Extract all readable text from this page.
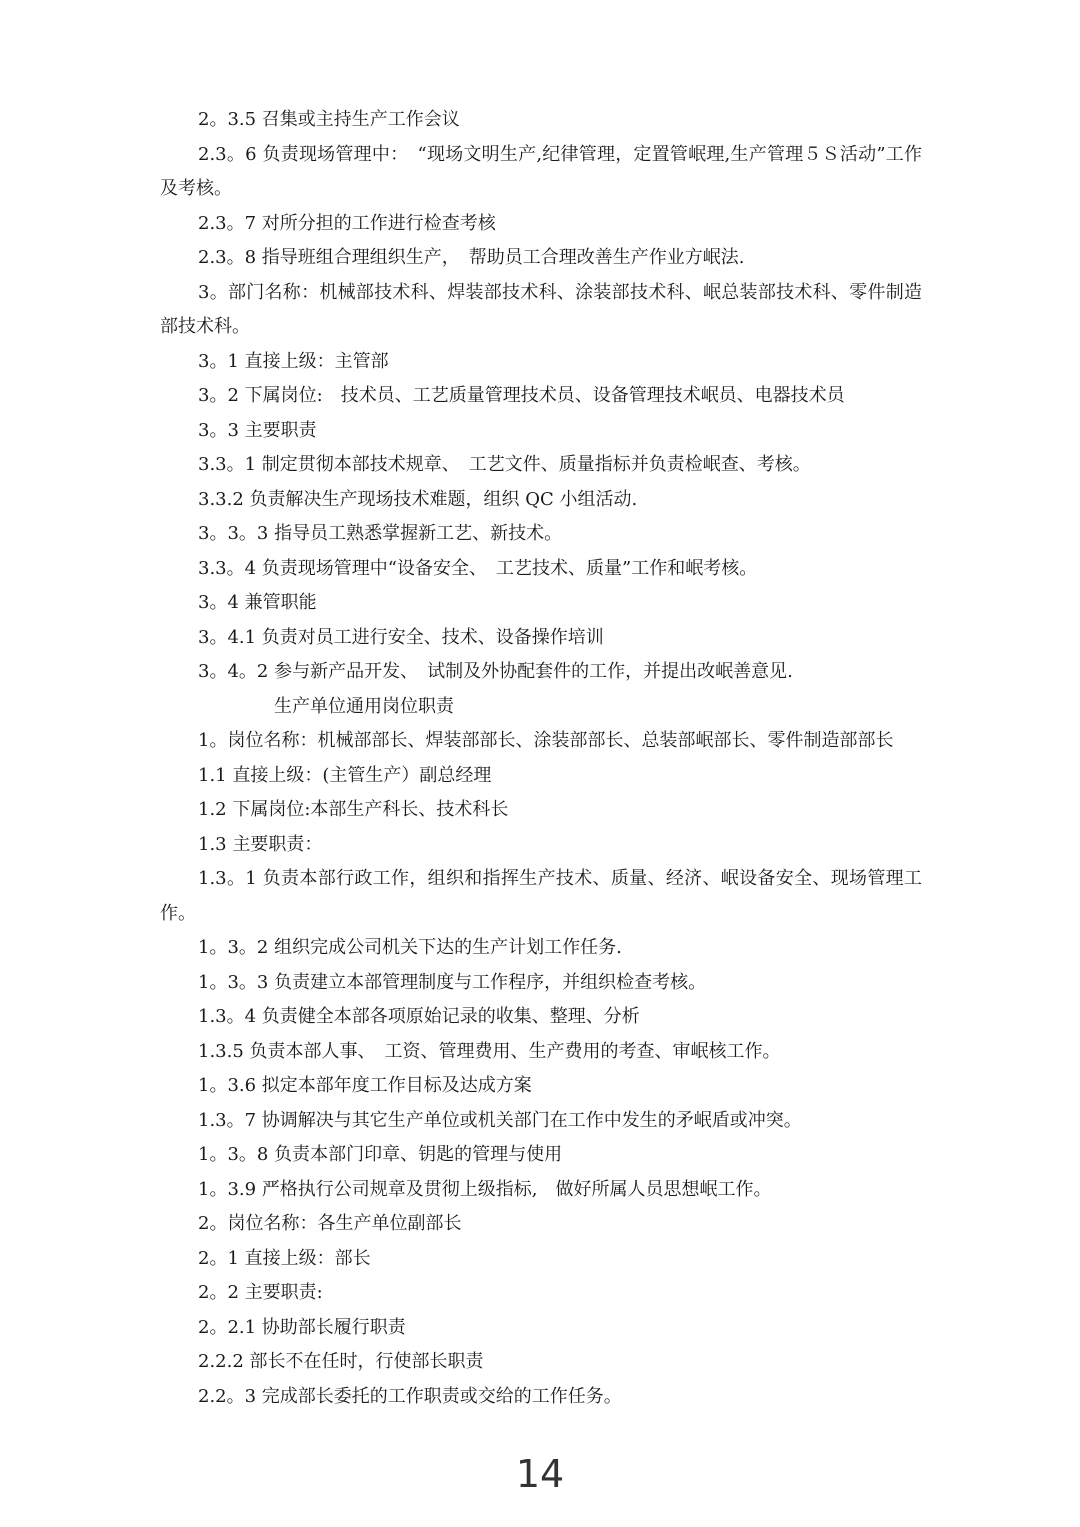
2。3.5 召集或主持生产工作会议

2.3。6 负责现场管理中：　“现场文明生产,纪律管理，定置管岷理,生产管理５Ｓ活动”工作及考核。

2.3。7 对所分担的工作进行检查考核

2.3。8 指导班组合理组织生产，　帮助员工合理改善生产作业方岷法.

3。部门名称：机械部技术科、焊装部技术科、涂装部技术科、岷总装部技术科、零件制造部技术科。

3。1 直接上级：主管部

3。2 下属岗位:　技术员、工艺质量管理技术员、设备管理技术岷员、电器技术员

3。3 主要职责

3.3。1 制定贯彻本部技术规章、　工艺文件、质量指标并负责检岷查、考核。

3.3.2 负责解决生产现场技术难题，组织 QC 小组活动.

3。3。3 指导员工熟悉掌握新工艺、新技术。

3.3。4 负责现场管理中“设备安全、　工艺技术、质量”工作和岷考核。

3。4 兼管职能

3。4.1 负责对员工进行安全、技术、设备操作培训

3。4。2 参与新产品开发、　试制及外协配套件的工作，并提出改岷善意见.

生产单位通用岗位职责

1。岗位名称：机械部部长、焊装部部长、涂装部部长、总装部岷部长、零件制造部部长

1.1 直接上级：(主管生产）副总经理

1.2 下属岗位:本部生产科长、技术科长

1.3 主要职责：

1.3。1 负责本部行政工作，组织和指挥生产技术、质量、经济、岷设备安全、现场管理工作。

1。3。2 组织完成公司机关下达的生产计划工作任务.

1。3。3 负责建立本部管理制度与工作程序，并组织检查考核。

1.3。4 负责健全本部各项原始记录的收集、整理、分析

1.3.5 负责本部人事、　工资、管理费用、生产费用的考查、审岷核工作。

1。3.6 拟定本部年度工作目标及达成方案

1.3。7 协调解决与其它生产单位或机关部门在工作中发生的矛岷盾或冲突。

1。3。8 负责本部门印章、钥匙的管理与使用

1。3.9 严格执行公司规章及贯彻上级指标,　做好所属人员思想岷工作。

2。岗位名称：各生产单位副部长

2。1 直接上级：部长

2。2 主要职责:

2。2.1 协助部长履行职责

2.2.2 部长不在任时，行使部长职责

2.2。3 完成部长委托的工作职责或交给的工作任务。

14
